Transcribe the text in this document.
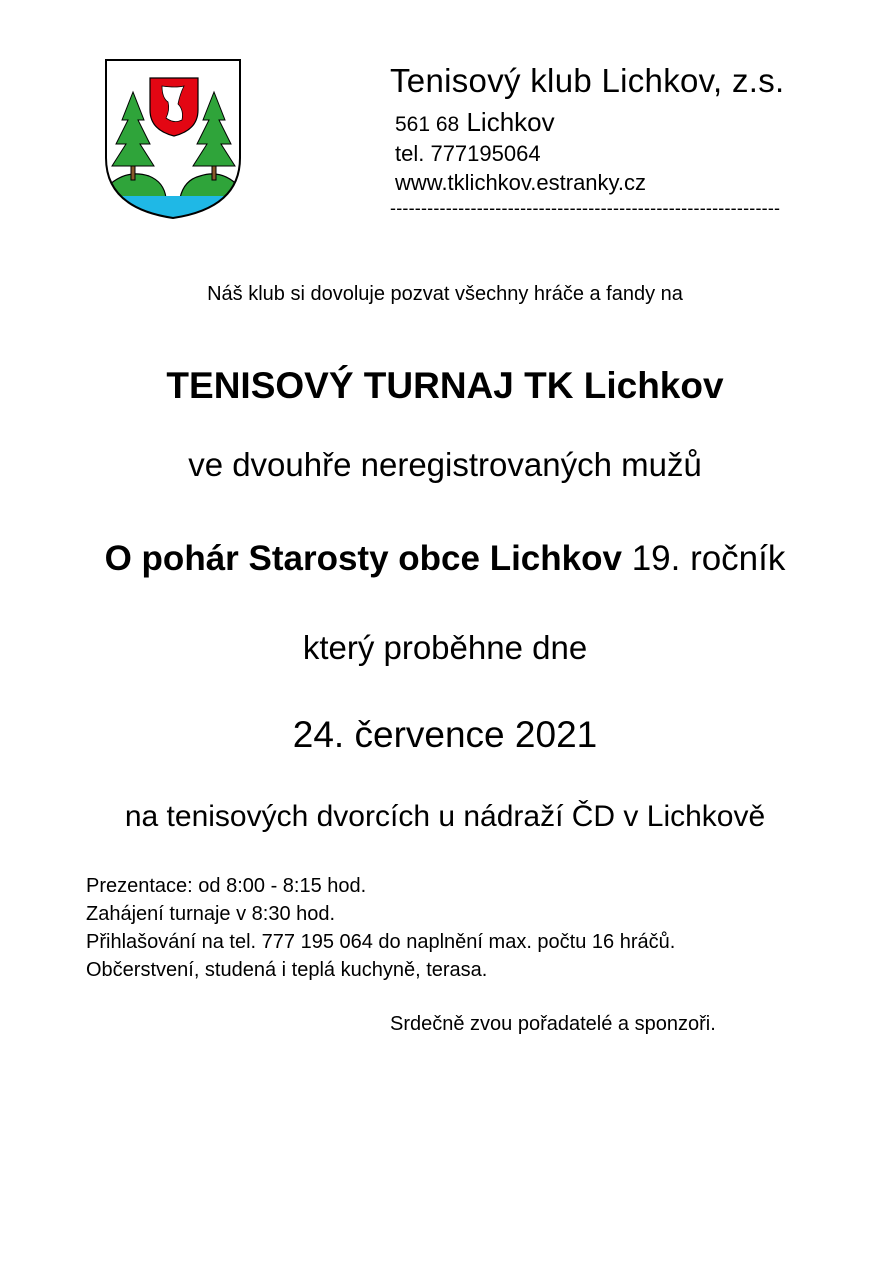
Tenisový klub Lichkov, z.s.
561 68 Lichkov
tel. 777195064
www.tklichkov.estranky.cz
---------------------------------------------------------------
Náš klub si dovoluje pozvat všechny hráče a fandy na
TENISOVÝ TURNAJ TK Lichkov
ve dvouhře neregistrovaných mužů
O pohár Starosty obce Lichkov 19. ročník
který proběhne dne
24. července 2021
na tenisových dvorcích u nádraží ČD v Lichkově
Prezentace: od 8:00 - 8:15 hod.
Zahájení turnaje v 8:30 hod.
Přihlašování na tel. 777 195 064 do naplnění max. počtu 16 hráčů.
Občerstvení, studená i teplá kuchyně, terasa.
Srdečně zvou pořadatelé a sponzoři.
